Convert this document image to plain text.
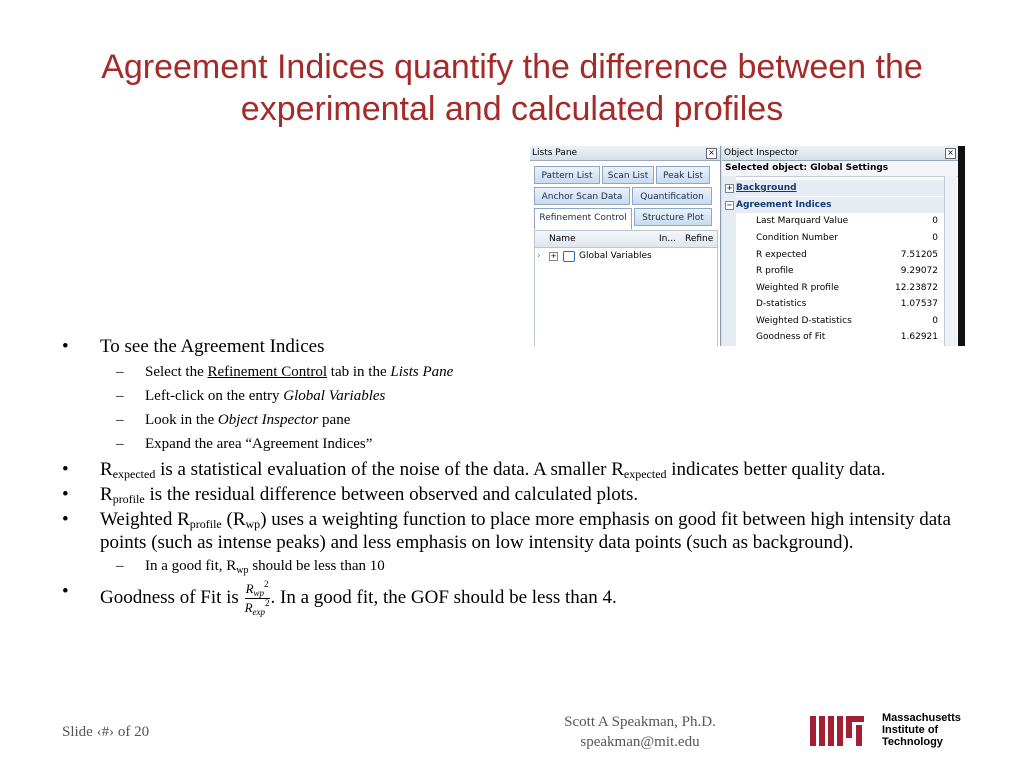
Agreement Indices quantify the difference between the
experimental and calculated profiles
Lists Pane	×
Pattern List	Scan List	Peak List
Anchor Scan Data	Quantification
Refinement Control	Structure Plot
Name	In... Refine
› +	Global Variables
Object Inspector	×
Selected object: Global Settings
+ Background
− Agreement Indices
Last Marquard Value	0
Condition Number	0
R expected	7.51205
R profile	9.29072
Weighted R profile	12.23872
D-statistics	1.07537
Weighted D-statistics	0
Goodness of Fit	1.62921
• To see the Agreement Indices
– Select the Refinement Control tab in the Lists Pane
– Left-click on the entry Global Variables
– Look in the Object Inspector pane
– Expand the area “Agreement Indices”
• $R_{expected}$ is a statistical evaluation of the noise of the data. A smaller $R_{expected}$ indicates better quality data.
• $R_{profile}$ is the residual difference between observed and calculated plots.
• Weighted $R_{profile}$ $(R_{wp})$ uses a weighting function to place more emphasis on good fit between high intensity data points (such as intense peaks) and less emphasis on low intensity data points (such as background).
– In a good fit, $R_{wp}$ should be less than 10
• Goodness of Fit is $\frac{R_{wp}^2}{R_{exp}^2}$ . In a good fit, the GOF should be less than 4.
Slide ‹#› of 20
Scott A Speakman, Ph.D.
speakman@mit.edu
Massachusetts
Institute of
Technology
